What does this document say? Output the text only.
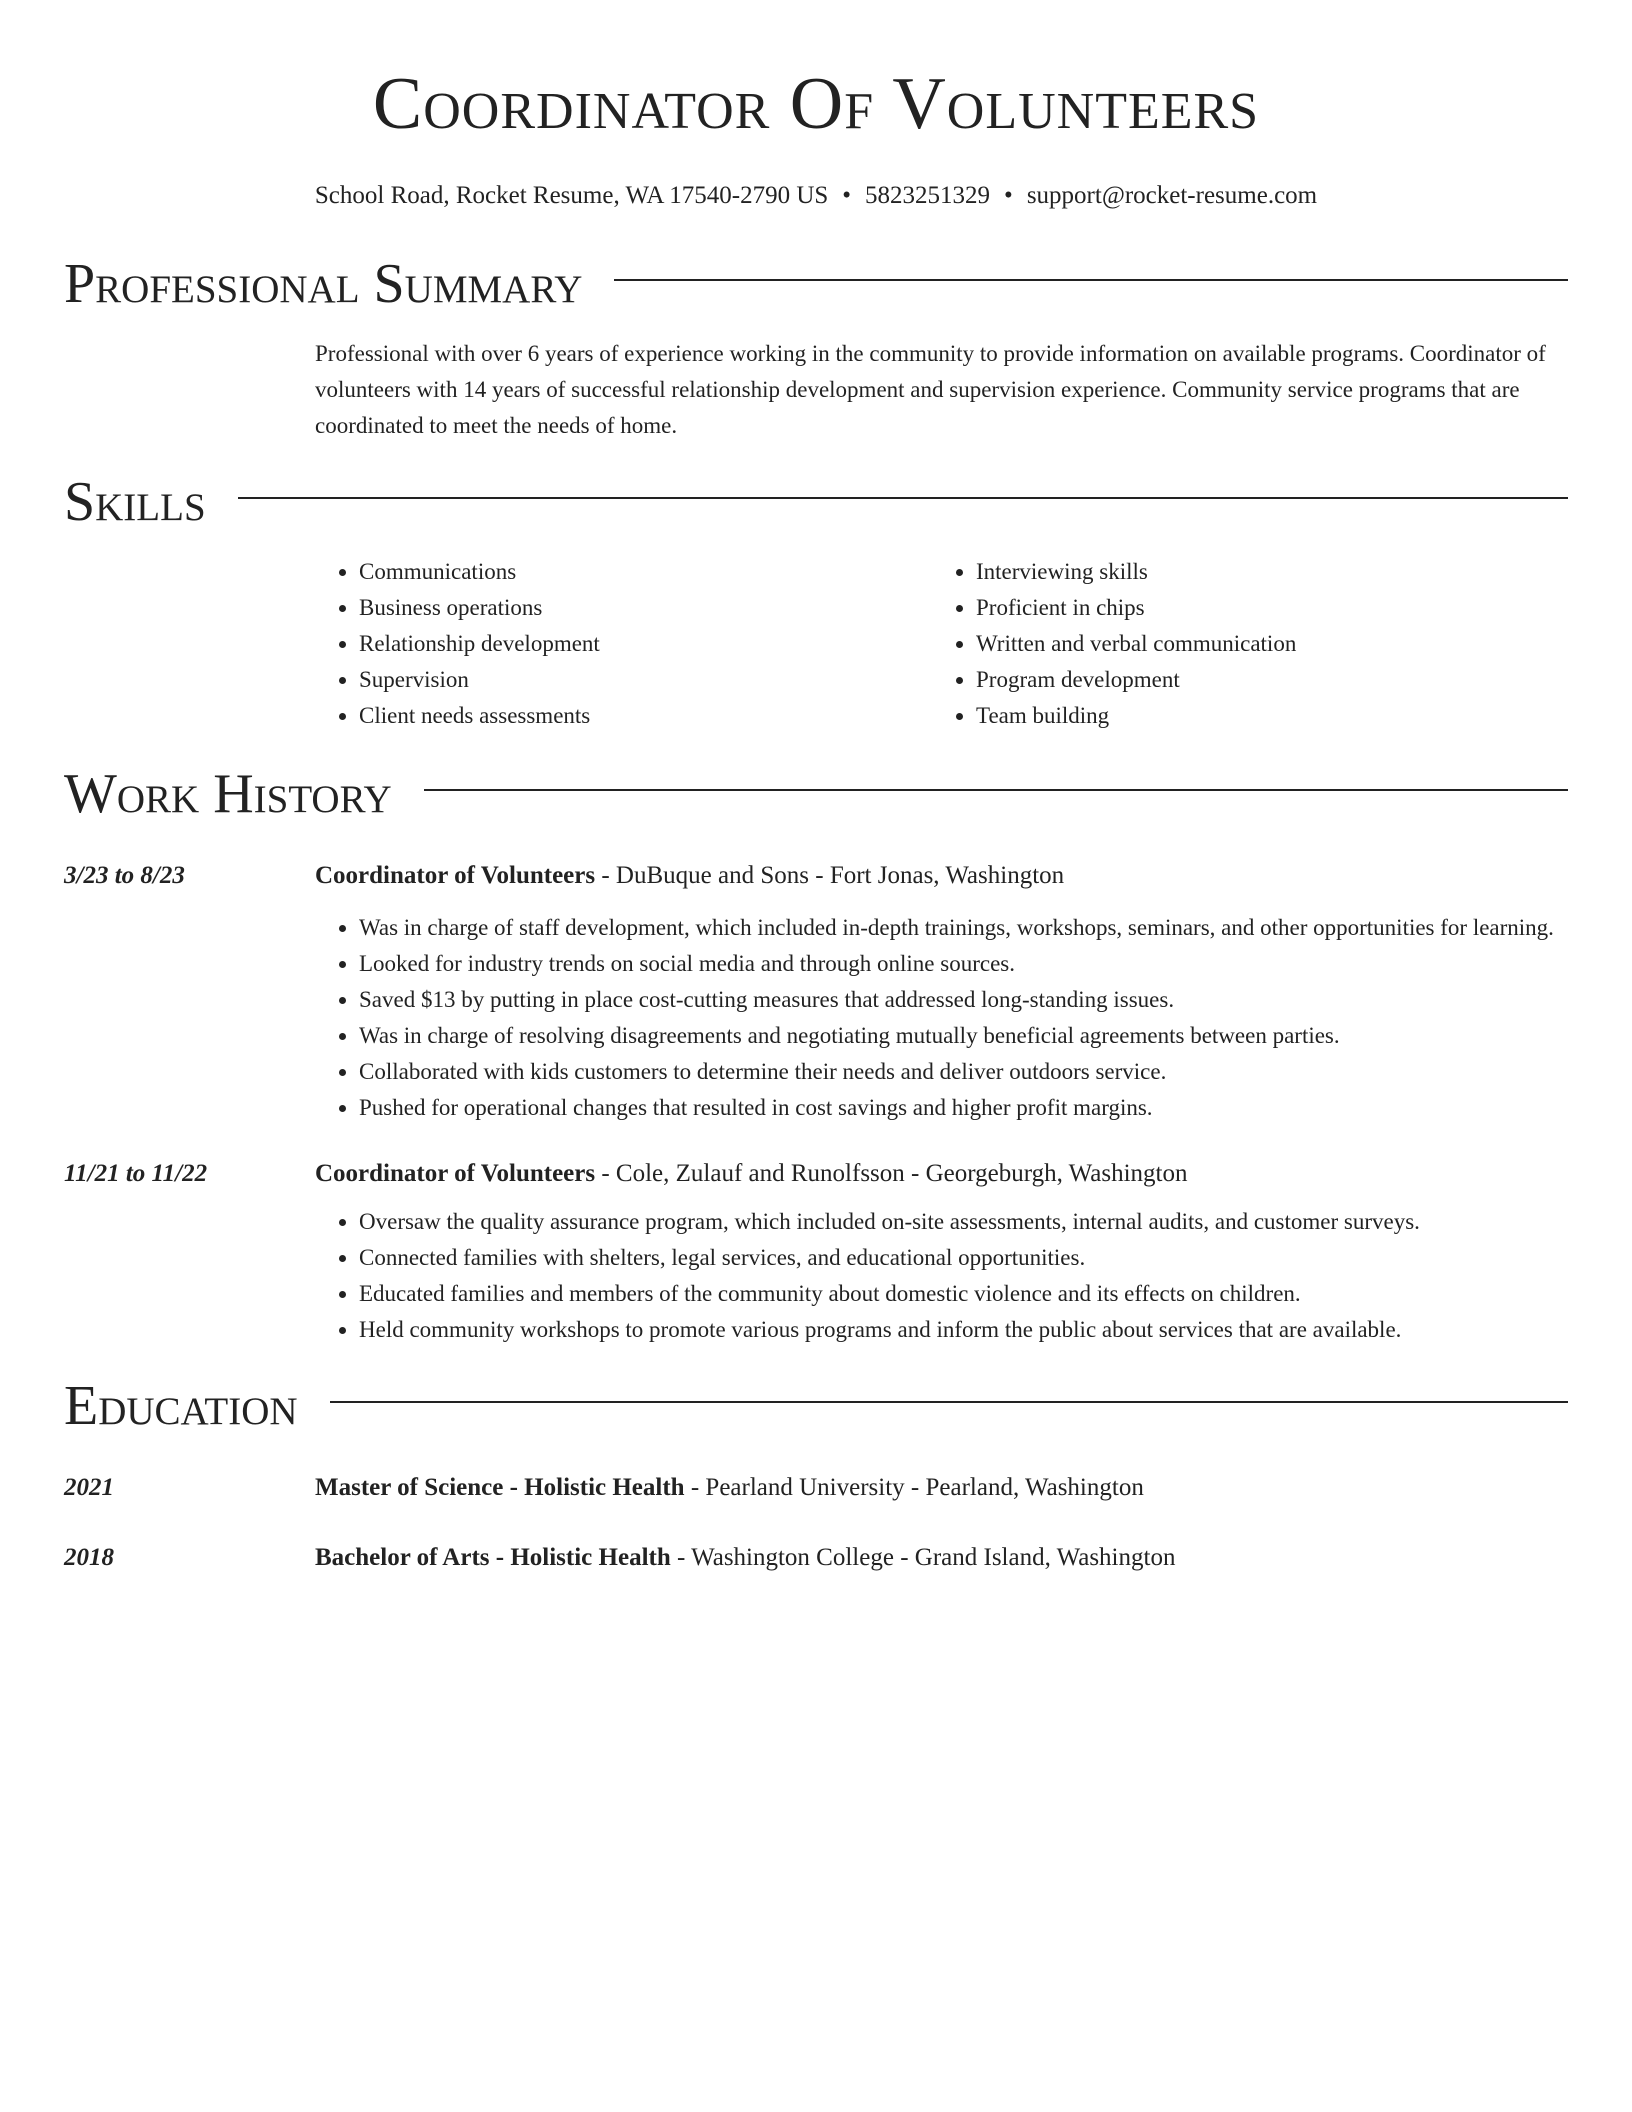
Coordinator Of Volunteers
School Road, Rocket Resume, WA 17540-2790 US • 5823251329 • support@rocket-resume.com
Professional Summary
Professional with over 6 years of experience working in the community to provide information on available programs. Coordinator of volunteers with 14 years of successful relationship development and supervision experience. Community service programs that are coordinated to meet the needs of home.
Skills
• Communications
• Business operations
• Relationship development
• Supervision
• Client needs assessments
• Interviewing skills
• Proficient in chips
• Written and verbal communication
• Program development
• Team building
Work History
3/23 to 8/23	Coordinator of Volunteers - DuBuque and Sons - Fort Jonas, Washington
• Was in charge of staff development, which included in-depth trainings, workshops, seminars, and other opportunities for learning.
• Looked for industry trends on social media and through online sources.
• Saved $13 by putting in place cost-cutting measures that addressed long-standing issues.
• Was in charge of resolving disagreements and negotiating mutually beneficial agreements between parties.
• Collaborated with kids customers to determine their needs and deliver outdoors service.
• Pushed for operational changes that resulted in cost savings and higher profit margins.
11/21 to 11/22	Coordinator of Volunteers - Cole, Zulauf and Runolfsson - Georgeburgh, Washington
• Oversaw the quality assurance program, which included on-site assessments, internal audits, and customer surveys.
• Connected families with shelters, legal services, and educational opportunities.
• Educated families and members of the community about domestic violence and its effects on children.
• Held community workshops to promote various programs and inform the public about services that are available.
Education
2021	Master of Science - Holistic Health - Pearland University - Pearland, Washington
2018	Bachelor of Arts - Holistic Health - Washington College - Grand Island, Washington
